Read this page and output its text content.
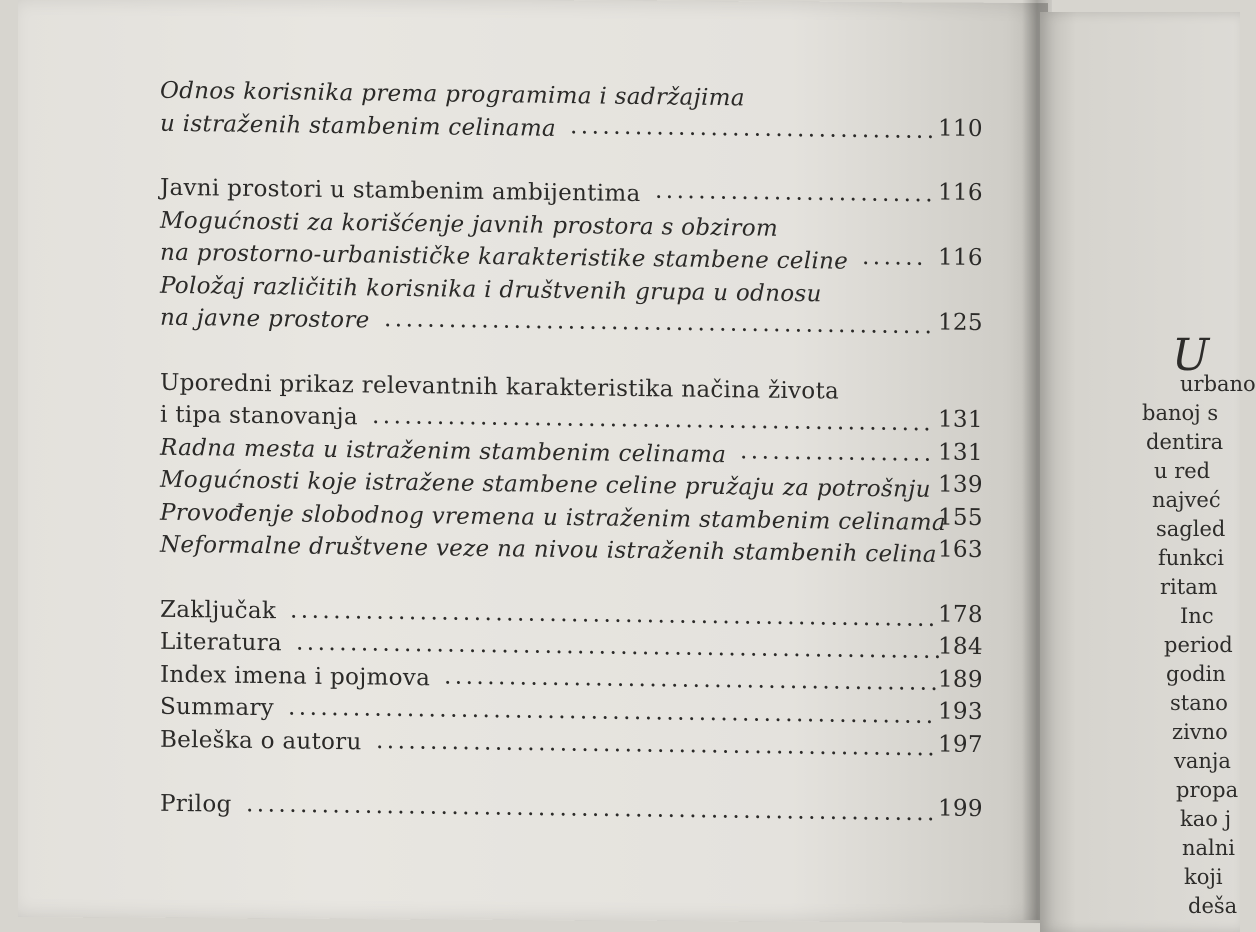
Odnos korisnika prema programima i sadržajima
u istraženih stambenim celinama .................................. 110
Javni prostori u stambenim ambijentima .......................... 116
Mogućnosti za korišćenje javnih prostora s obzirom
na prostorno-urbanističke karakteristike stambene celine ...... 116
Položaj različitih korisnika i društvenih grupa u odnosu
na javne prostore ................................................... 125
Uporedni prikaz relevantnih karakteristika načina života
i tipa stanovanja .................................................... 131
Radna mesta u istraženim stambenim celinama .................. 131
Mogućnosti koje istražene stambene celine pružaju za potrošnju 139
Provođenje slobodnog vremena u istraženim stambenim celinama
155
Neformalne društvene veze na nivou istraženih stambenih celina 163
Zaključak ............................................................ 178
Literatura ............................................................
184
Index imena i pojmova ..............................................
189
Summary ............................................................ 193
Beleška o autoru .................................................... 197
Prilog ................................................................ 199
U
urbano
banoj s
dentira
u red
najveć
sagled
funkci
ritam
Inc
period
godin
stano
zivno
vanja
propa
kao j
nalni
koji
deša
